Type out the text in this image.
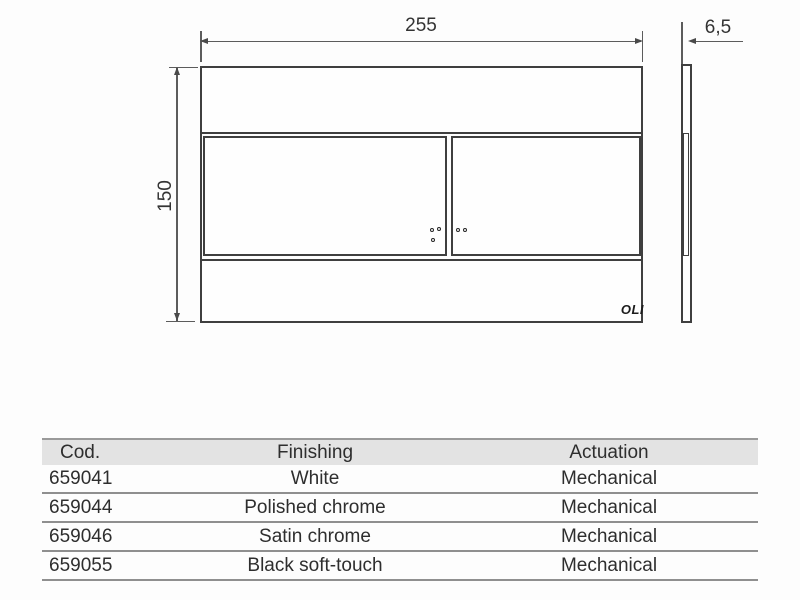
255
150
OLI
6,5
Cod.	Finishing	Actuation
659041	White	Mechanical
659044	Polished chrome	Mechanical
659046	Satin chrome	Mechanical
659055	Black soft-touch	Mechanical
